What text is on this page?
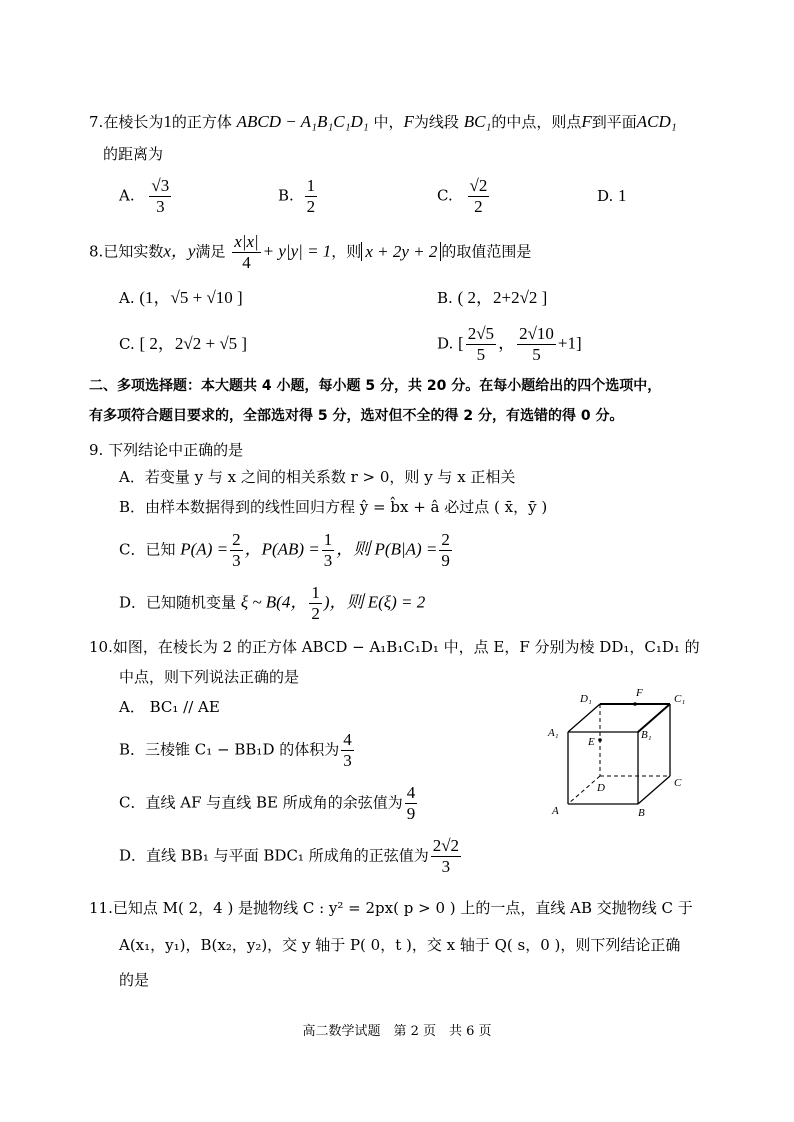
7.在棱长为1的正方体 ABCD − A₁B₁C₁D₁ 中，F为线段 BC₁的中点，则点F到平面ACD₁
的距离为
A. $\frac{√3}{3}$	B. $\frac{1}{2}$	C. $\frac{√2}{2}$	D. 1
8.已知实数x，y满足 $\frac{x|x|}{4} + y|y| = 1$，则 x + 2y + 2 的取值范围是
A. (1，√5 + √10 ]	B. ( 2，2+2√2 ]
C. [ 2，2√2 + √5 ]	D. [ $\frac{2√5}{5}$ ， $\frac{2√10}{5} +1$]
二、多项选择题：本大题共 4 小题，每小题 5 分，共 20 分。在每小题给出的四个选项中，
有多项符合题目要求的，全部选对得 5 分，选对但不全的得 2 分，有选错的得 0 分。
9. 下列结论中正确的是
A．若变量 y 与 x 之间的相关系数 r > 0，则 y 与 x 正相关
B．由样本数据得到的线性回归方程 ŷ = b̂x + â 必过点 ( x̄，ȳ )
C．已知 $P(A) = \frac{2}{3}$ ，$P(AB) = \frac{1}{3}$ ，则 $P(B|A) = \frac{2}{9}$
D．已知随机变量 ξ ~ B(4， $\frac{1}{2}$ )，则 E(ξ) = 2
10.如图，在棱长为 2 的正方体 ABCD − A₁B₁C₁D₁ 中，点 E，F 分别为棱 DD₁，C₁D₁ 的
中点，则下列说法正确的是
A． BC₁ // AE
B．三棱锥 C₁ − BB₁D 的体积为 $\frac{4}{3}$
C．直线 AF 与直线 BE 所成角的余弦值为 $\frac{4}{9}$
D．直线 BB₁ 与平面 BDC₁ 所成角的正弦值为 $\frac{2√2}{3}$
D₁	F	C₁
A₁
E
B₁
D	C
A	B
11.已知点 M( 2，4 ) 是抛物线 C : y² = 2px( p > 0 ) 上的一点，直线 AB 交抛物线 C 于
A(x₁，y₁)，B(x₂，y₂)，交 y 轴于 P( 0，t )，交 x 轴于 Q( s，0 )，则下列结论正确
的是
高二数学试题　第 2 页　共 6 页
